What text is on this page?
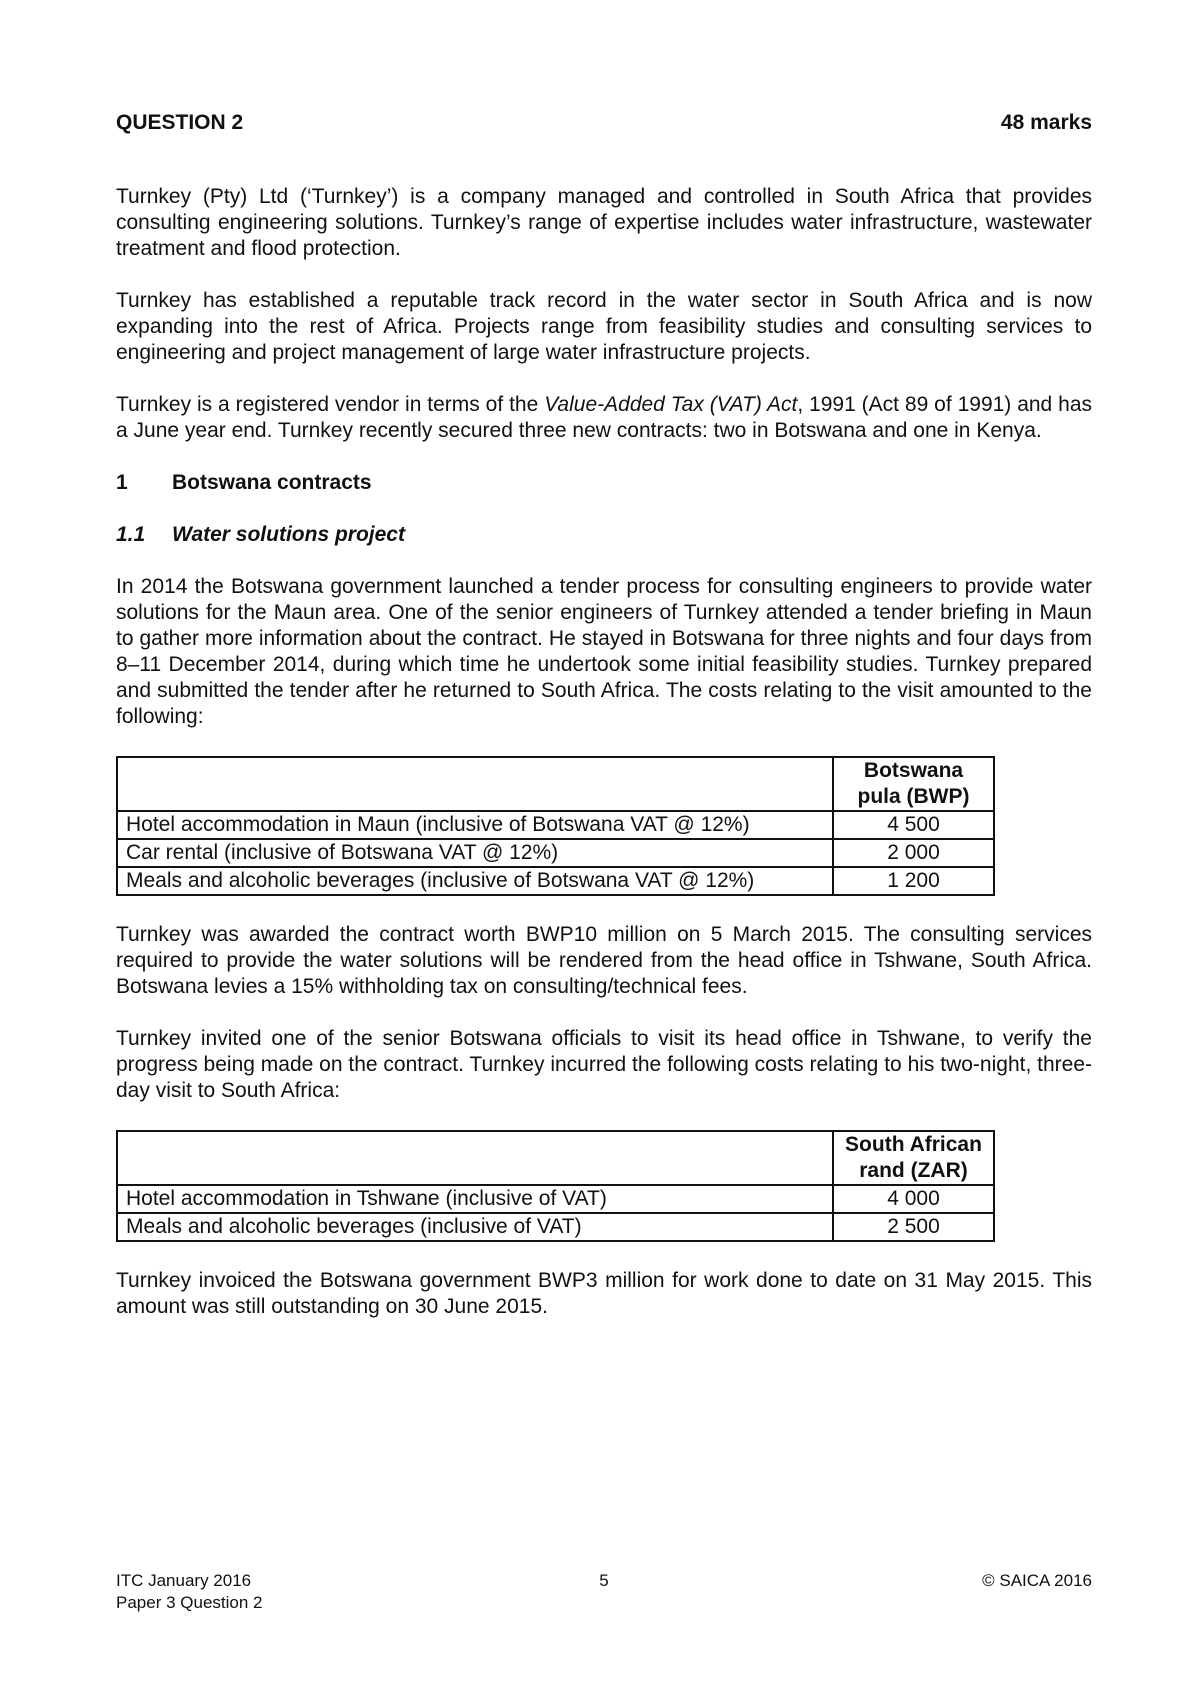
QUESTION 2	48 marks

Turnkey (Pty) Ltd (‘Turnkey’) is a company managed and controlled in South Africa that provides consulting engineering solutions. Turnkey’s range of expertise includes water infrastructure, wastewater treatment and flood protection.

Turnkey has established a reputable track record in the water sector in South Africa and is now expanding into the rest of Africa. Projects range from feasibility studies and consulting services to engineering and project management of large water infrastructure projects.

Turnkey is a registered vendor in terms of the Value-Added Tax (VAT) Act, 1991 (Act 89 of 1991) and has a June year end. Turnkey recently secured three new contracts: two in Botswana and one in Kenya.

1	Botswana contracts
1.1	Water solutions project

In 2014 the Botswana government launched a tender process for consulting engineers to provide water solutions for the Maun area. One of the senior engineers of Turnkey attended a tender briefing in Maun to gather more information about the contract. He stayed in Botswana for three nights and four days from 8–11 December 2014, during which time he undertook some initial feasibility studies. Turnkey prepared and submitted the tender after he returned to South Africa. The costs relating to the visit amounted to the following:

	Botswana
pula (BWP)
Hotel accommodation in Maun (inclusive of Botswana VAT @ 12%)	4 500
Car rental (inclusive of Botswana VAT @ 12%)	2 000
Meals and alcoholic beverages (inclusive of Botswana VAT @ 12%)	1 200

Turnkey was awarded the contract worth BWP10 million on 5 March 2015. The consulting services required to provide the water solutions will be rendered from the head office in Tshwane, South Africa. Botswana levies a 15% withholding tax on consulting/technical fees.

Turnkey invited one of the senior Botswana officials to visit its head office in Tshwane, to verify the progress being made on the contract. Turnkey incurred the following costs relating to his two-night, three-day visit to South Africa:

	South African
rand (ZAR)
Hotel accommodation in Tshwane (inclusive of VAT)	4 000
Meals and alcoholic beverages (inclusive of VAT)	2 500

Turnkey invoiced the Botswana government BWP3 million for work done to date on 31 May 2015. This amount was still outstanding on 30 June 2015.

ITC January 2016	5	© SAICA 2016
Paper 3 Question 2
